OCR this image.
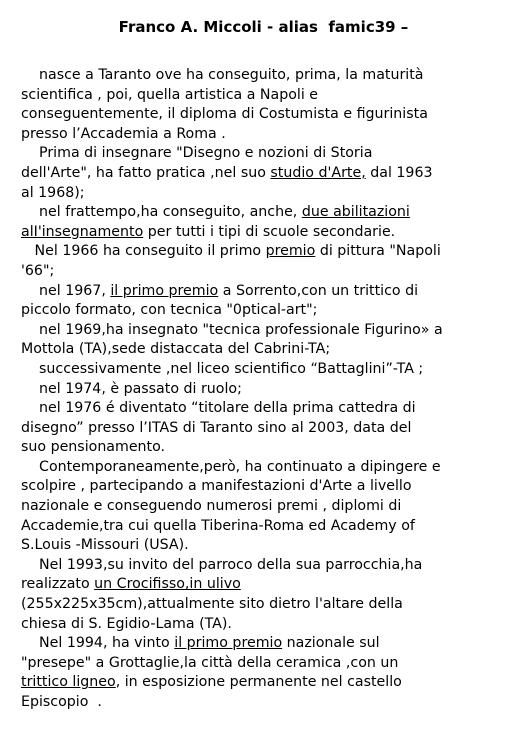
Franco A. Miccoli - alias  famic39 –
nasce a Taranto ove ha conseguito, prima, la maturità
scientifica , poi, quella artistica a Napoli e
conseguentemente, il diploma di Costumista e figurinista
presso l’Accademia a Roma .
Prima di insegnare "Disegno e nozioni di Storia
dell'Arte", ha fatto pratica ,nel suo studio d'Arte, dal 1963
al 1968);
nel frattempo,ha conseguito, anche, due abilitazioni
alI'insegnamento per tutti i tipi di scuole secondarie.
Nel 1966 ha conseguito il primo premio di pittura "Napoli
'66";
nel 1967, il primo premio a Sorrento,con un trittico di
piccolo formato, con tecnica "0ptical-art";
nel 1969,ha insegnato "tecnica professionale Figurino» a
Mottola (TA),sede distaccata del Cabrini-TA;
successivamente ,nel liceo scientifico “Battaglini”-TA ;
nel 1974, è passato di ruolo;
nel 1976 é diventato “titolare della prima cattedra di
disegno” presso l’ITAS di Taranto sino al 2003, data del
suo pensionamento.
Contemporaneamente,però, ha continuato a dipingere e
scolpire , partecipando a manifestazioni d'Arte a livello
nazionale e conseguendo numerosi premi , diplomi di
Accademie,tra cui quella Tiberina-Roma ed Academy of
S.Louis -Missouri (USA).
Nel 1993,su invito del parroco della sua parrocchia,ha
realizzato un Crocifisso,in ulivo
(255x225x35cm),attualmente sito dietro l'altare della
chiesa di S. Egidio-Lama (TA).
Nel 1994, ha vinto il primo premio nazionale sul
"presepe" a Grottaglie,la città della ceramica ,con un
trittico ligneo, in esposizione permanente nel castello
Episcopio  .
